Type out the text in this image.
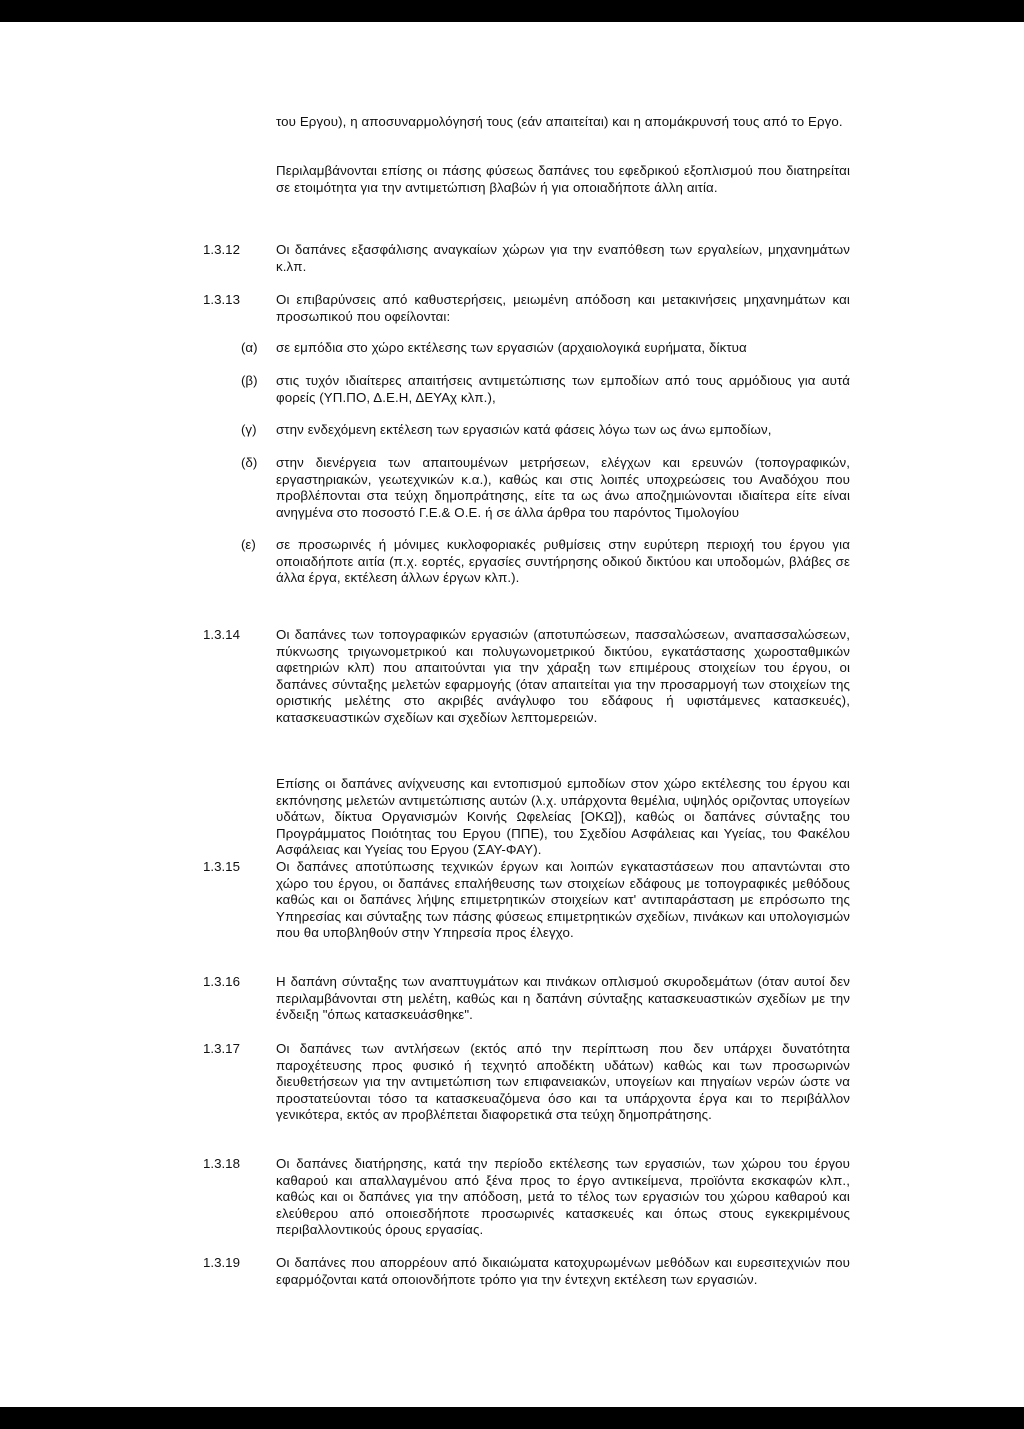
του Εργου), η αποσυναρμολόγησή τους (εάν απαιτείται) και η απομάκρυνσή τους από το Εργο.

Περιλαμβάνονται επίσης οι πάσης φύσεως δαπάνες του εφεδρικού εξοπλισμού που διατηρείται σε ετοιμότητα για την αντιμετώπιση βλαβών ή για οποιαδήποτε άλλη αιτία.

1.3.12	Οι δαπάνες εξασφάλισης αναγκαίων χώρων για την εναπόθεση των εργαλείων, μηχανημάτων κ.λπ.

1.3.13	Οι επιβαρύνσεις από καθυστερήσεις, μειωμένη απόδοση και μετακινήσεις μηχανημάτων και προσωπικού που οφείλονται:

(α) σε εμπόδια στο χώρο εκτέλεσης των εργασιών (αρχαιολογικά ευρήματα, δίκτυα

(β) στις τυχόν ιδιαίτερες απαιτήσεις αντιμετώπισης των εμποδίων από τους αρμόδιους για αυτά φορείς (ΥΠ.ΠΟ, Δ.Ε.Η, ΔΕΥΑχ κλπ.),

(γ) στην ενδεχόμενη εκτέλεση των εργασιών κατά φάσεις λόγω των ως άνω εμποδίων,

(δ) στην διενέργεια των απαιτουμένων μετρήσεων, ελέγχων και ερευνών (τοπογραφικών, εργαστηριακών, γεωτεχνικών κ.α.), καθώς και στις λοιπές υποχρεώσεις του Αναδόχου που προβλέπονται στα τεύχη δημοπράτησης, είτε τα ως άνω αποζημιώνονται ιδιαίτερα είτε είναι ανηγμένα στο ποσοστό Γ.Ε.& Ο.Ε. ή σε άλλα άρθρα του παρόντος Τιμολογίου

(ε) σε προσωρινές ή μόνιμες κυκλοφοριακές ρυθμίσεις στην ευρύτερη περιοχή του έργου για οποιαδήποτε αιτία (π.χ. εορτές, εργασίες συντήρησης οδικού δικτύου και υποδομών, βλάβες σε άλλα έργα, εκτέλεση άλλων έργων κλπ.).

1.3.14	Οι δαπάνες των τοπογραφικών εργασιών (αποτυπώσεων, πασσαλώσεων, αναπασσαλώσεων, πύκνωσης τριγωνομετρικού και πολυγωνομετρικού δικτύου, εγκατάστασης χωροσταθμικών αφετηριών κλπ) που απαιτούνται για την χάραξη των επιμέρους στοιχείων του έργου, οι δαπάνες σύνταξης μελετών εφαρμογής (όταν απαιτείται για την προσαρμογή των στοιχείων της οριστικής μελέτης στο ακριβές ανάγλυφο του εδάφους ή υφιστάμενες κατασκευές), κατασκευαστικών σχεδίων και σχεδίων λεπτομερειών.

Επίσης οι δαπάνες ανίχνευσης και εντοπισμού εμποδίων στον χώρο εκτέλεσης του έργου και εκπόνησης μελετών αντιμετώπισης αυτών (λ.χ. υπάρχοντα θεμέλια, υψηλός οριζοντας υπογείων υδάτων, δίκτυα Οργανισμών Κοινής Ωφελείας [ΟΚΩ]), καθώς οι δαπάνες σύνταξης του Προγράμματος Ποιότητας του Εργου (ΠΠΕ), του Σχεδίου Ασφάλειας και Υγείας, του Φακέλου Ασφάλειας και Υγείας του Εργου (ΣΑΥ-ΦΑΥ).

1.3.15	Οι δαπάνες αποτύπωσης τεχνικών έργων και λοιπών εγκαταστάσεων που απαντώνται στο χώρο του έργου, οι δαπάνες επαλήθευσης των στοιχείων εδάφους με τοπογραφικές μεθόδους καθώς και οι δαπάνες λήψης επιμετρητικών στοιχείων κατ' αντιπαράσταση με επρόσωπο της Υπηρεσίας και σύνταξης των πάσης φύσεως επιμετρητικών σχεδίων, πινάκων και υπολογισμών που θα υποβληθούν στην Υπηρεσία προς έλεγχο.

1.3.16	Η δαπάνη σύνταξης των αναπτυγμάτων και πινάκων οπλισμού σκυροδεμάτων (όταν αυτοί δεν περιλαμβάνονται στη μελέτη, καθώς και η δαπάνη σύνταξης κατασκευαστικών σχεδίων με την ένδειξη "όπως κατασκευάσθηκε".

1.3.17	Οι δαπάνες των αντλήσεων (εκτός από την περίπτωση που δεν υπάρχει δυνατότητα παροχέτευσης προς φυσικό ή τεχνητό αποδέκτη υδάτων) καθώς και των προσωρινών διευθετήσεων για την αντιμετώπιση των επιφανειακών, υπογείων και πηγαίων νερών ώστε να προστατεύονται τόσο τα κατασκευαζόμενα όσο και τα υπάρχοντα έργα και το περιβάλλον γενικότερα, εκτός αν προβλέπεται διαφορετικά στα τεύχη δημοπράτησης.

1.3.18	Οι δαπάνες διατήρησης, κατά την περίοδο εκτέλεσης των εργασιών, των χώρου του έργου καθαρού και απαλλαγμένου από ξένα προς το έργο αντικείμενα, προϊόντα εκσκαφών κλπ., καθώς και οι δαπάνες για την απόδοση, μετά το τέλος των εργασιών του χώρου καθαρού και ελεύθερου από οποιεσδήποτε προσωρινές κατασκευές και όπως στους εγκεκριμένους περιβαλλοντικούς όρους εργασίας.

1.3.19	Οι δαπάνες που απορρέουν από δικαιώματα κατοχυρωμένων μεθόδων και ευρεσιτεχνιών που εφαρμόζονται κατά οποιονδήποτε τρόπο για την έντεχνη εκτέλεση των εργασιών.
